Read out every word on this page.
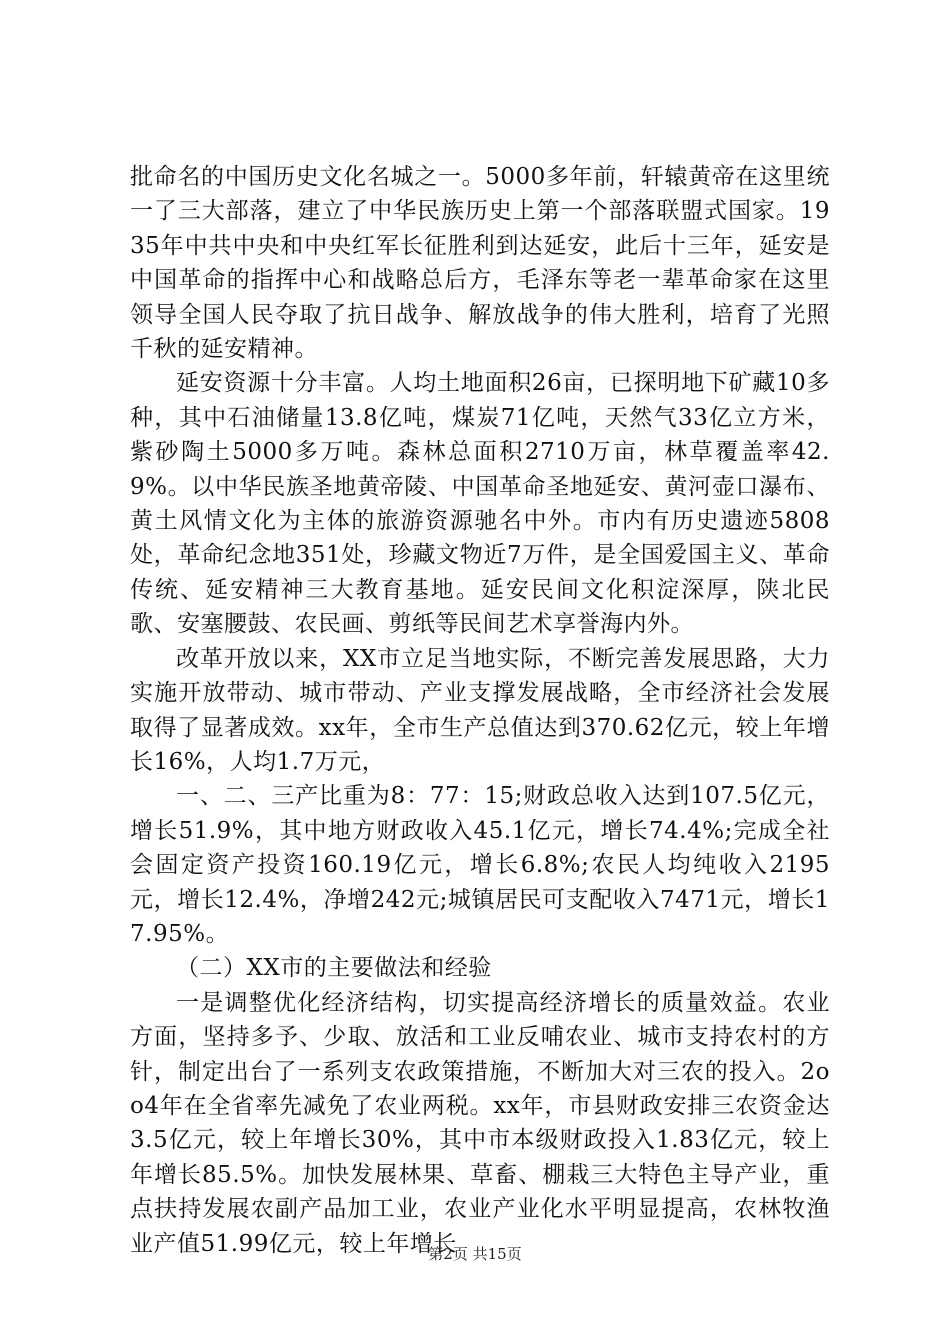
批命名的中国历史文化名城之一。5000多年前，轩辕黄帝在这里统一了三大部落，建立了中华民族历史上第一个部落联盟式国家。1935年中共中央和中央红军长征胜利到达延安，此后十三年，延安是中国革命的指挥中心和战略总后方，毛泽东等老一辈革命家在这里领导全国人民夺取了抗日战争、解放战争的伟大胜利，培育了光照千秋的延安精神。

延安资源十分丰富。人均土地面积26亩，已探明地下矿藏10多种，其中石油储量13.8亿吨，煤炭71亿吨，天然气33亿立方米，紫砂陶土5000多万吨。森林总面积2710万亩，林草覆盖率42.9%。以中华民族圣地黄帝陵、中国革命圣地延安、黄河壶口瀑布、黄土风情文化为主体的旅游资源驰名中外。市内有历史遗迹5808处，革命纪念地351处，珍藏文物近7万件，是全国爱国主义、革命传统、延安精神三大教育基地。延安民间文化积淀深厚，陕北民歌、安塞腰鼓、农民画、剪纸等民间艺术享誉海内外。

改革开放以来，XX市立足当地实际，不断完善发展思路，大力实施开放带动、城市带动、产业支撑发展战略，全市经济社会发展取得了显著成效。xx年，全市生产总值达到370.62亿元，较上年增长16%，人均1.7万元，

一、二、三产比重为8：77：15;财政总收入达到107.5亿元，增长51.9%，其中地方财政收入45.1亿元，增长74.4%;完成全社会固定资产投资160.19亿元，增长6.8%;农民人均纯收入2195元，增长12.4%，净增242元;城镇居民可支配收入7471元，增长17.95%。

（二）XX市的主要做法和经验

一是调整优化经济结构，切实提高经济增长的质量效益。农业方面，坚持多予、少取、放活和工业反哺农业、城市支持农村的方针，制定出台了一系列支农政策措施，不断加大对三农的投入。2oo4年在全省率先减免了农业两税。xx年，市县财政安排三农资金达3.5亿元，较上年增长30%，其中市本级财政投入1.83亿元，较上年增长85.5%。加快发展林果、草畜、棚栽三大特色主导产业，重点扶持发展农副产品加工业，农业产业化水平明显提高，农林牧渔业产值51.99亿元，较上年增长

第2页 共15页
